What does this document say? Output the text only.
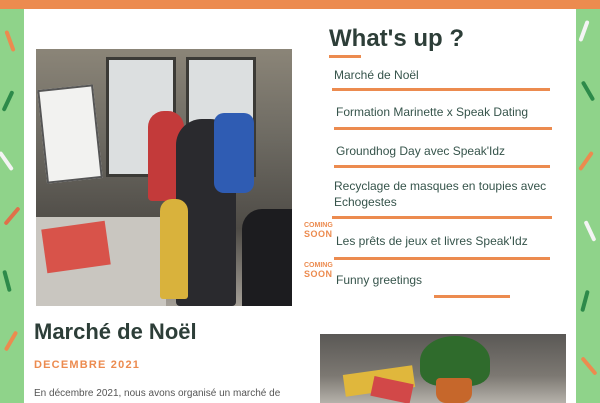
What's up ?
Marché de Noël
Formation Marinette x Speak Dating
Groundhog Day avec Speak'Idz
Recyclage de masques en toupies avec Echogestes
COMING
SOON Les prêts de jeux et livres Speak'Idz
COMING
SOON Funny greetings
Marché de Noël
DECEMBRE 2021
En décembre 2021, nous avons organisé un marché de
